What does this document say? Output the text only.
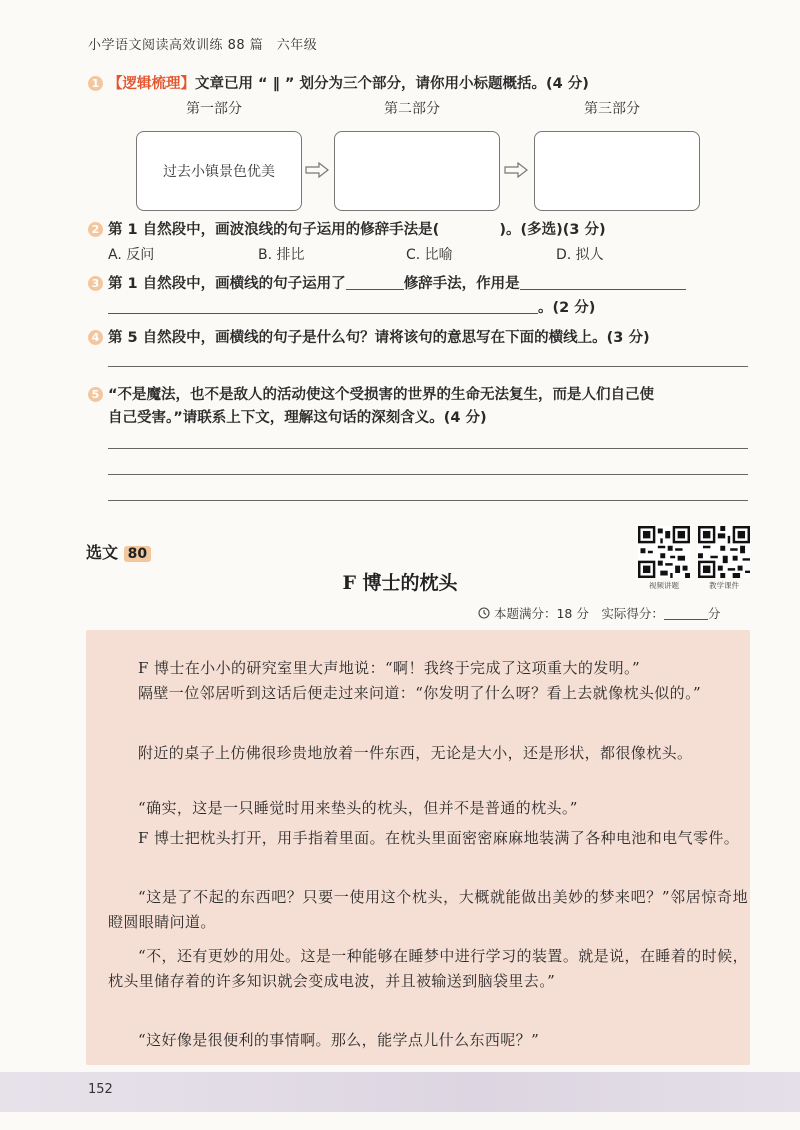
小学语文阅读高效训练 88 篇　六年级
1 【逻辑梳理】文章已用 “ ‖ ” 划分为三个部分，请你用小标题概括。(4 分)
第一部分	第二部分	第三部分
过去小镇景色优美
2 第 1 自然段中，画波浪线的句子运用的修辞手法是(	)。(多选)(3 分)
A. 反问	B. 排比	C. 比喻	D. 拟人
3 第 1 自然段中，画横线的句子运用了	修辞手法，作用是
。(2 分)
4 第 5 自然段中，画横线的句子是什么句？请将该句的意思写在下面的横线上。(3 分)
5 “不是魔法，也不是敌人的活动使这个受损害的世界的生命无法复生，而是人们自己使
自己受害。”请联系上下文，理解这句话的深刻含义。(4 分)
选文 80
F 博士的枕头	视频讲题	教学课件
本题满分：18 分　实际得分：	分
F 博士在小小的研究室里大声地说：“啊！我终于完成了这项重大的发明。”
隔壁一位邻居听到这话后便走过来问道：“你发明了什么呀？看上去就像枕头似的。”
附近的桌子上仿佛很珍贵地放着一件东西，无论是大小，还是形状，都很像枕头。
“确实，这是一只睡觉时用来垫头的枕头，但并不是普通的枕头。”
F 博士把枕头打开，用手指着里面。在枕头里面密密麻麻地装满了各种电池和电气零件。
“这是了不起的东西吧？只要一使用这个枕头，大概就能做出美妙的梦来吧？”邻居惊奇地瞪圆眼睛问道。
“不，还有更妙的用处。这是一种能够在睡梦中进行学习的装置。就是说，在睡着的时候，枕头里储存着的许多知识就会变成电波，并且被输送到脑袋里去。”
“这好像是很便利的事情啊。那么，能学点儿什么东西呢？”
152
